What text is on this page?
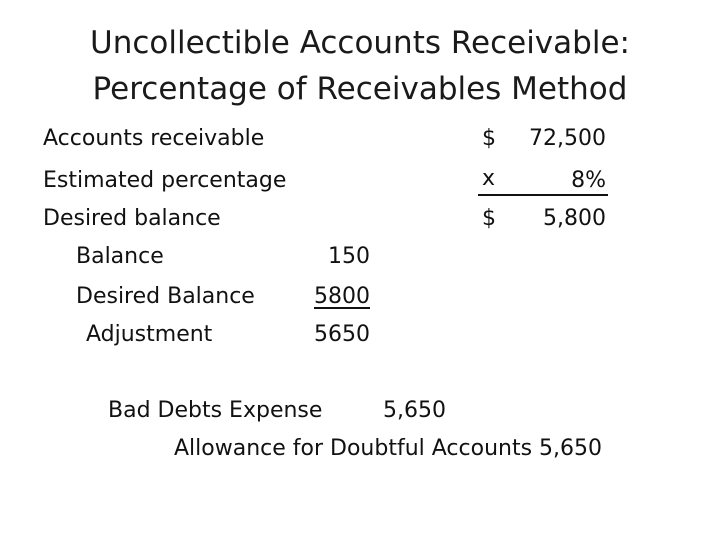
Uncollectible Accounts Receivable:
Percentage of Receivables Method
Accounts receivable	$	72,500
Estimated percentage	x	8%
Desired balance	$	5,800
Balance	150
Desired Balance	5800
Adjustment	5650
Bad Debts Expense	5,650
Allowance for Doubtful Accounts 5,650
